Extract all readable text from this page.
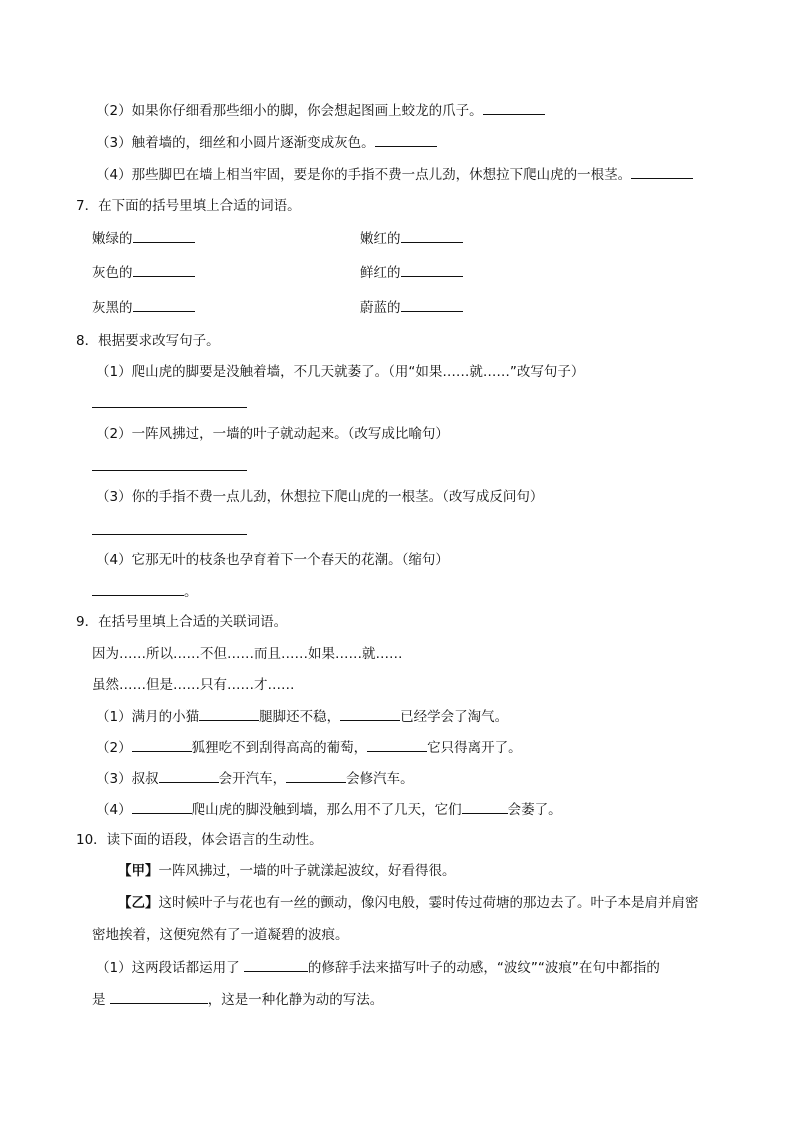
（2）如果你仔细看那些细小的脚，你会想起图画上蛟龙的爪子。
（3）触着墙的，细丝和小圆片逐渐变成灰色。
（4）那些脚巴在墙上相当牢固，要是你的手指不费一点儿劲，休想拉下爬山虎的一根茎。
7．在下面的括号里填上合适的词语。
嫩绿的	嫩红的
灰色的	鲜红的
灰黑的	蔚蓝的
8．根据要求改写句子。
（1）爬山虎的脚要是没触着墙，不几天就萎了。（用“如果……就……”改写句子）
（2）一阵风拂过，一墙的叶子就动起来。（改写成比喻句）
（3）你的手指不费一点儿劲，休想拉下爬山虎的一根茎。（改写成反问句）
（4）它那无叶的枝条也孕育着下一个春天的花潮。（缩句）
。
9．在括号里填上合适的关联词语。
因为……所以……不但……而且……如果……就……
虽然……但是……只有……才……
（1）满月的小猫	腿脚还不稳，	已经学会了淘气。
（2）	狐狸吃不到刮得高高的葡萄，	它只得离开了。
（3）叔叔	会开汽车，	会修汽车。
（4）	爬山虎的脚没触到墙，那么用不了几天，它们	会萎了。
10．读下面的语段，体会语言的生动性。
【甲】一阵风拂过，一墙的叶子就漾起波纹，好看得很。
【乙】这时候叶子与花也有一丝的颤动，像闪电般，霎时传过荷塘的那边去了。叶子本是肩并肩密
密地挨着，这便宛然有了一道凝碧的波痕。
（1）这两段话都运用了	的修辞手法来描写叶子的动感，“波纹”“波痕”在句中都指的
是	，这是一种化静为动的写法。
